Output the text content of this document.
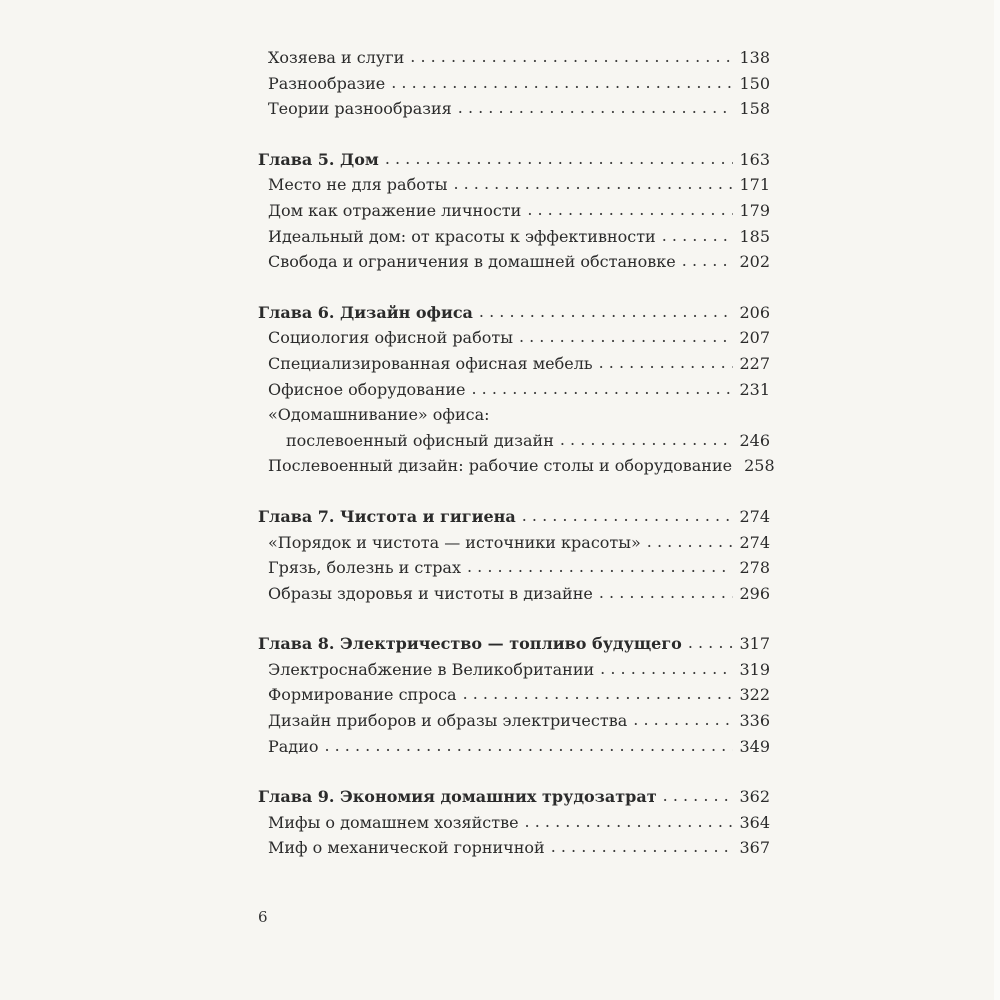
Хозяева и слуги . . .	138
Разнообразие . . .	150
Теории разнообразия . . .	158
Глава 5. Дом . . .	163
Место не для работы . . .	171
Дом как отражение личности . . .	179
Идеальный дом: от красоты к эффективности . . .	185
Свобода и ограничения в домашней обстановке . . .	202
Глава 6. Дизайн офиса . . .	206
Социология офисной работы . . .	207
Специализированная офисная мебель . . .	227
Офисное оборудование . . .	231
«Одомашнивание» офиса:
послевоенный офисный дизайн . . .	246
Послевоенный дизайн: рабочие столы и оборудование 258
Глава 7. Чистота и гигиена . . .	274
«Порядок и чистота — источники красоты» . . .	274
Грязь, болезнь и страх . . .	278
Образы здоровья и чистоты в дизайне . . .	296
Глава 8. Электричество — топливо будущего . . .	317
Электроснабжение в Великобритании . . .	319
Формирование спроса . . .	322
Дизайн приборов и образы электричества . . .	336
Радио . . .	349
Глава 9. Экономия домашних трудозатрат . . .	362
Мифы о домашнем хозяйстве . . .	364
Миф о механической горничной . . .	367
6
